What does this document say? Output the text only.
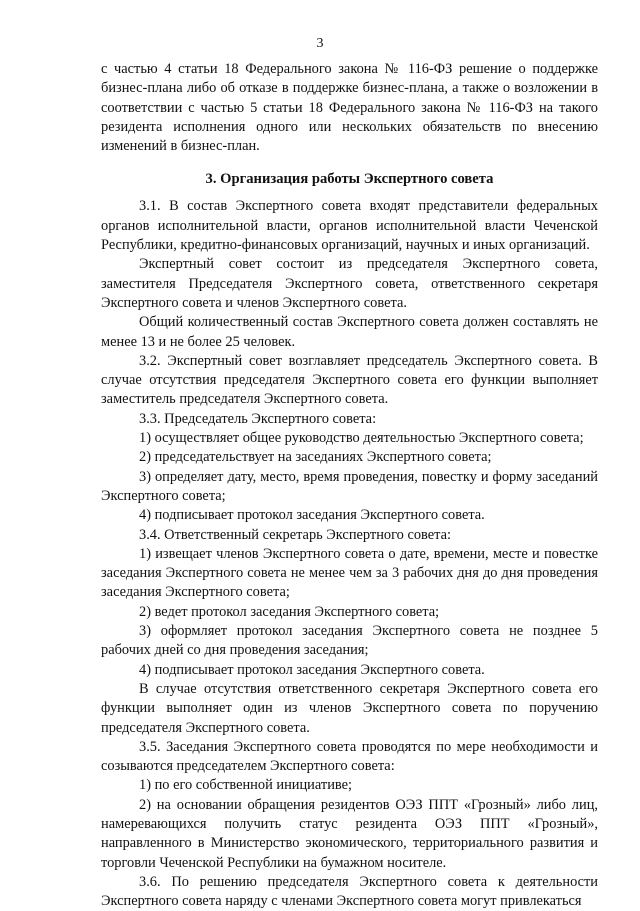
3

с частью 4 статьи 18 Федерального закона № 116-ФЗ решение о поддержке бизнес-плана либо об отказе в поддержке бизнес-плана, а также о возложении в соответствии с частью 5 статьи 18 Федерального закона № 116-ФЗ на такого резидента исполнения одного или нескольких обязательств по внесению изменений в бизнес-план.

3. Организация работы Экспертного совета

3.1. В состав Экспертного совета входят представители федеральных органов исполнительной власти, органов исполнительной власти Чеченской Республики, кредитно-финансовых организаций, научных и иных организаций.

Экспертный совет состоит из председателя Экспертного совета, заместителя Председателя Экспертного совета, ответственного секретаря Экспертного совета и членов Экспертного совета.

Общий количественный состав Экспертного совета должен составлять не менее 13 и не более 25 человек.

3.2. Экспертный совет возглавляет председатель Экспертного совета. В случае отсутствия председателя Экспертного совета его функции выполняет заместитель председателя Экспертного совета.

3.3. Председатель Экспертного совета:

1) осуществляет общее руководство деятельностью Экспертного совета;

2) председательствует на заседаниях Экспертного совета;

3) определяет дату, место, время проведения, повестку и форму заседаний Экспертного совета;

4) подписывает протокол заседания Экспертного совета.

3.4. Ответственный секретарь Экспертного совета:

1) извещает членов Экспертного совета о дате, времени, месте и повестке заседания Экспертного совета не менее чем за 3 рабочих дня до дня проведения заседания Экспертного совета;

2) ведет протокол заседания Экспертного совета;

3) оформляет протокол заседания Экспертного совета не позднее 5 рабочих дней со дня проведения заседания;

4) подписывает протокол заседания Экспертного совета.

В случае отсутствия ответственного секретаря Экспертного совета его функции выполняет один из членов Экспертного совета по поручению председателя Экспертного совета.

3.5. Заседания Экспертного совета проводятся по мере необходимости и созываются председателем Экспертного совета:

1) по его собственной инициативе;

2) на основании обращения резидентов ОЭЗ ППТ «Грозный» либо лиц, намеревающихся получить статус резидента ОЭЗ ППТ «Грозный», направленного в Министерство экономического, территориального развития и торговли Чеченской Республики на бумажном носителе.

3.6. По решению председателя Экспертного совета к деятельности Экспертного совета наряду с членами Экспертного совета могут привлекаться
